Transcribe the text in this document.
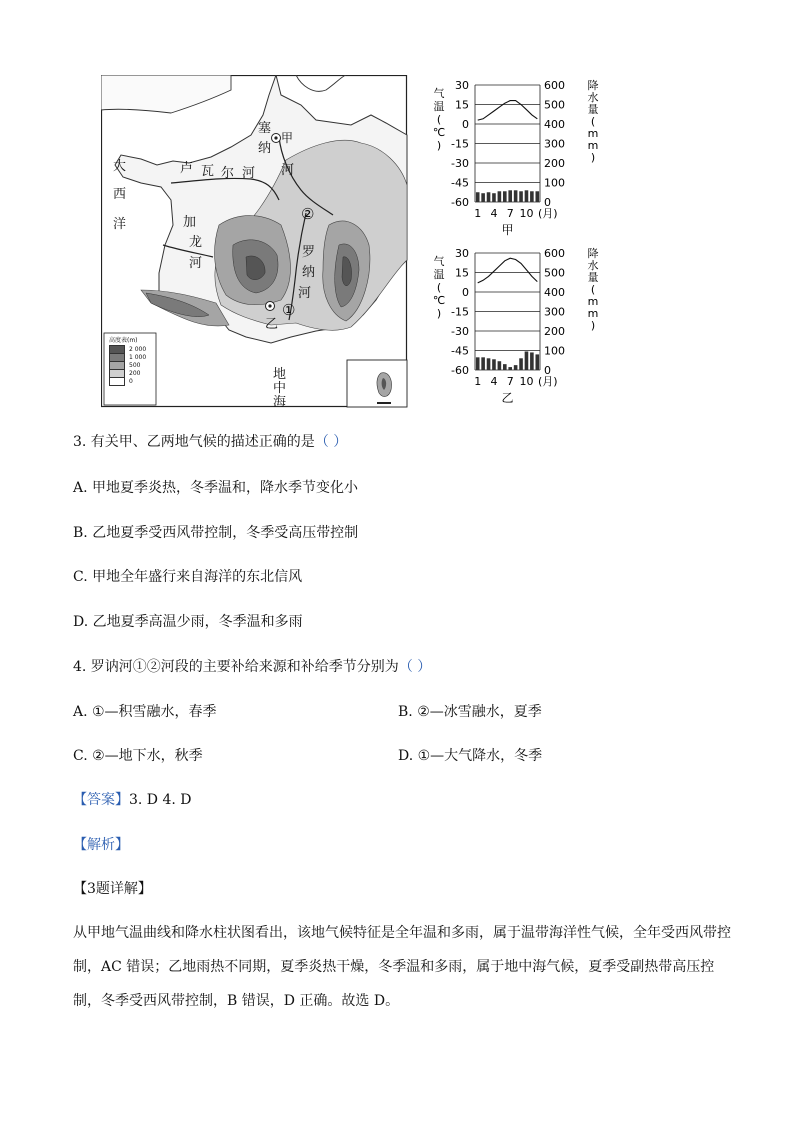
大
西
洋
塞
纳
河
甲
卢 瓦 尔 河
加
龙
河
罗
纳
河
②
①
乙
地中海
高度表(m)
2 000
1 000
500
200
0
30
15
0
-15
-30
-45
-60
600
500
400
300
200
100
0
1 4 7 10 (月)
气
温
(
℃
)
降
水
量
(
m
m
)
甲
30
15
0
-15
-30
-45
-60
600
500
400
300
200
100
0
1 4 7 10 (月)
气
温
(
℃
)
降
水
量
(
m
m
)
乙
3. 有关甲、乙两地气候的描述正确的是（ ）
A. 甲地夏季炎热，冬季温和，降水季节变化小
B. 乙地夏季受西风带控制，冬季受高压带控制
C. 甲地全年盛行来自海洋的东北信风
D. 乙地夏季高温少雨，冬季温和多雨
4. 罗讷河①②河段的主要补给来源和补给季节分别为（ ）
A. ①—积雪融水，春季	B. ②—冰雪融水，夏季
C. ②—地下水，秋季	D. ①—大气降水，冬季
【答案】3. D 4. D
【解析】
【3题详解】
从甲地气温曲线和降水柱状图看出，该地气候特征是全年温和多雨，属于温带海洋性气候，全年受西风带控制，AC 错误；乙地雨热不同期，夏季炎热干燥，冬季温和多雨，属于地中海气候，夏季受副热带高压控制，冬季受西风带控制，B 错误，D 正确。故选 D。
